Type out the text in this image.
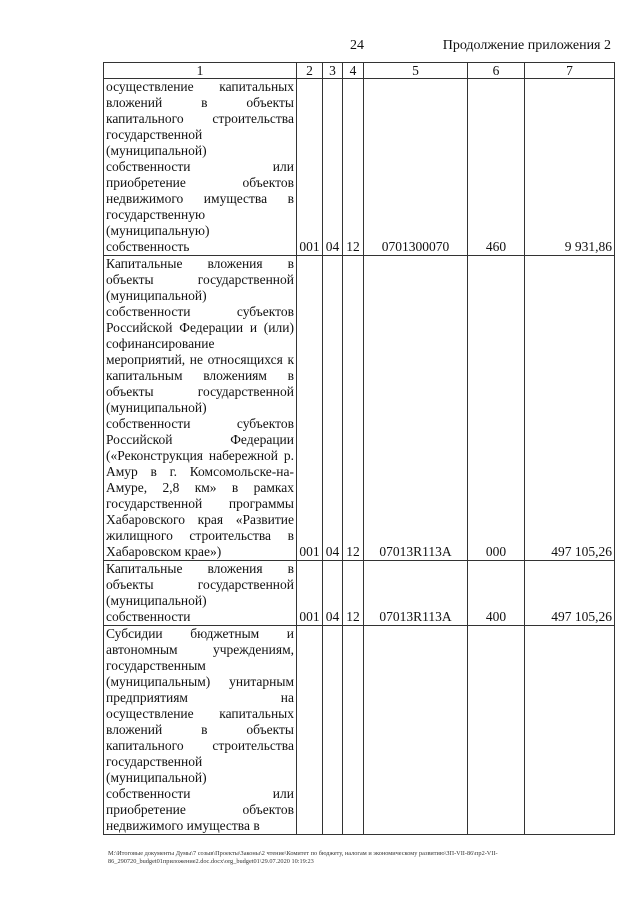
24	Продолжение приложения 2
1	2	3	4	5	6	7
осуществление капитальных вложений в объекты капитального строительства государственной (муниципальной) собственности или приобретение объектов недвижимого имущества в государственную (муниципальную) собственность	001	04	12	0701300070	460	9 931,86
Капитальные вложения в объекты государственной (муниципальной) собственности субъектов Российской Федерации и (или) софинансирование мероприятий, не относящихся к капитальным вложениям в объекты государственной (муниципальной) собственности субъектов Российской Федерации («Реконструкция набережной р. Амур в г. Комсомольске-на-Амуре, 2,8 км» в рамках государственной программы Хабаровского края «Развитие жилищного строительства в Хабаровском крае»)	001	04	12	07013R113A	000	497 105,26
Капитальные вложения в объекты государственной (муниципальной) собственности	001	04	12	07013R113A	400	497 105,26
Субсидии бюджетным и автономным учреждениям, государственным (муниципальным) унитарным предприятиям на осуществление капитальных вложений в объекты капитального строительства государственной (муниципальной) собственности или приобретение объектов недвижимого имущества в						
M:\Итоговые документы Думы\7 созыв\Проекты\Законы\2 чтение\Комитет по бюджету, налогам и экономическому развитию\ЗП-VII-86\пр2-VII-
86_290720_budget01приложение2.doc.docx\org_budget01\29.07.2020 10:19:23
